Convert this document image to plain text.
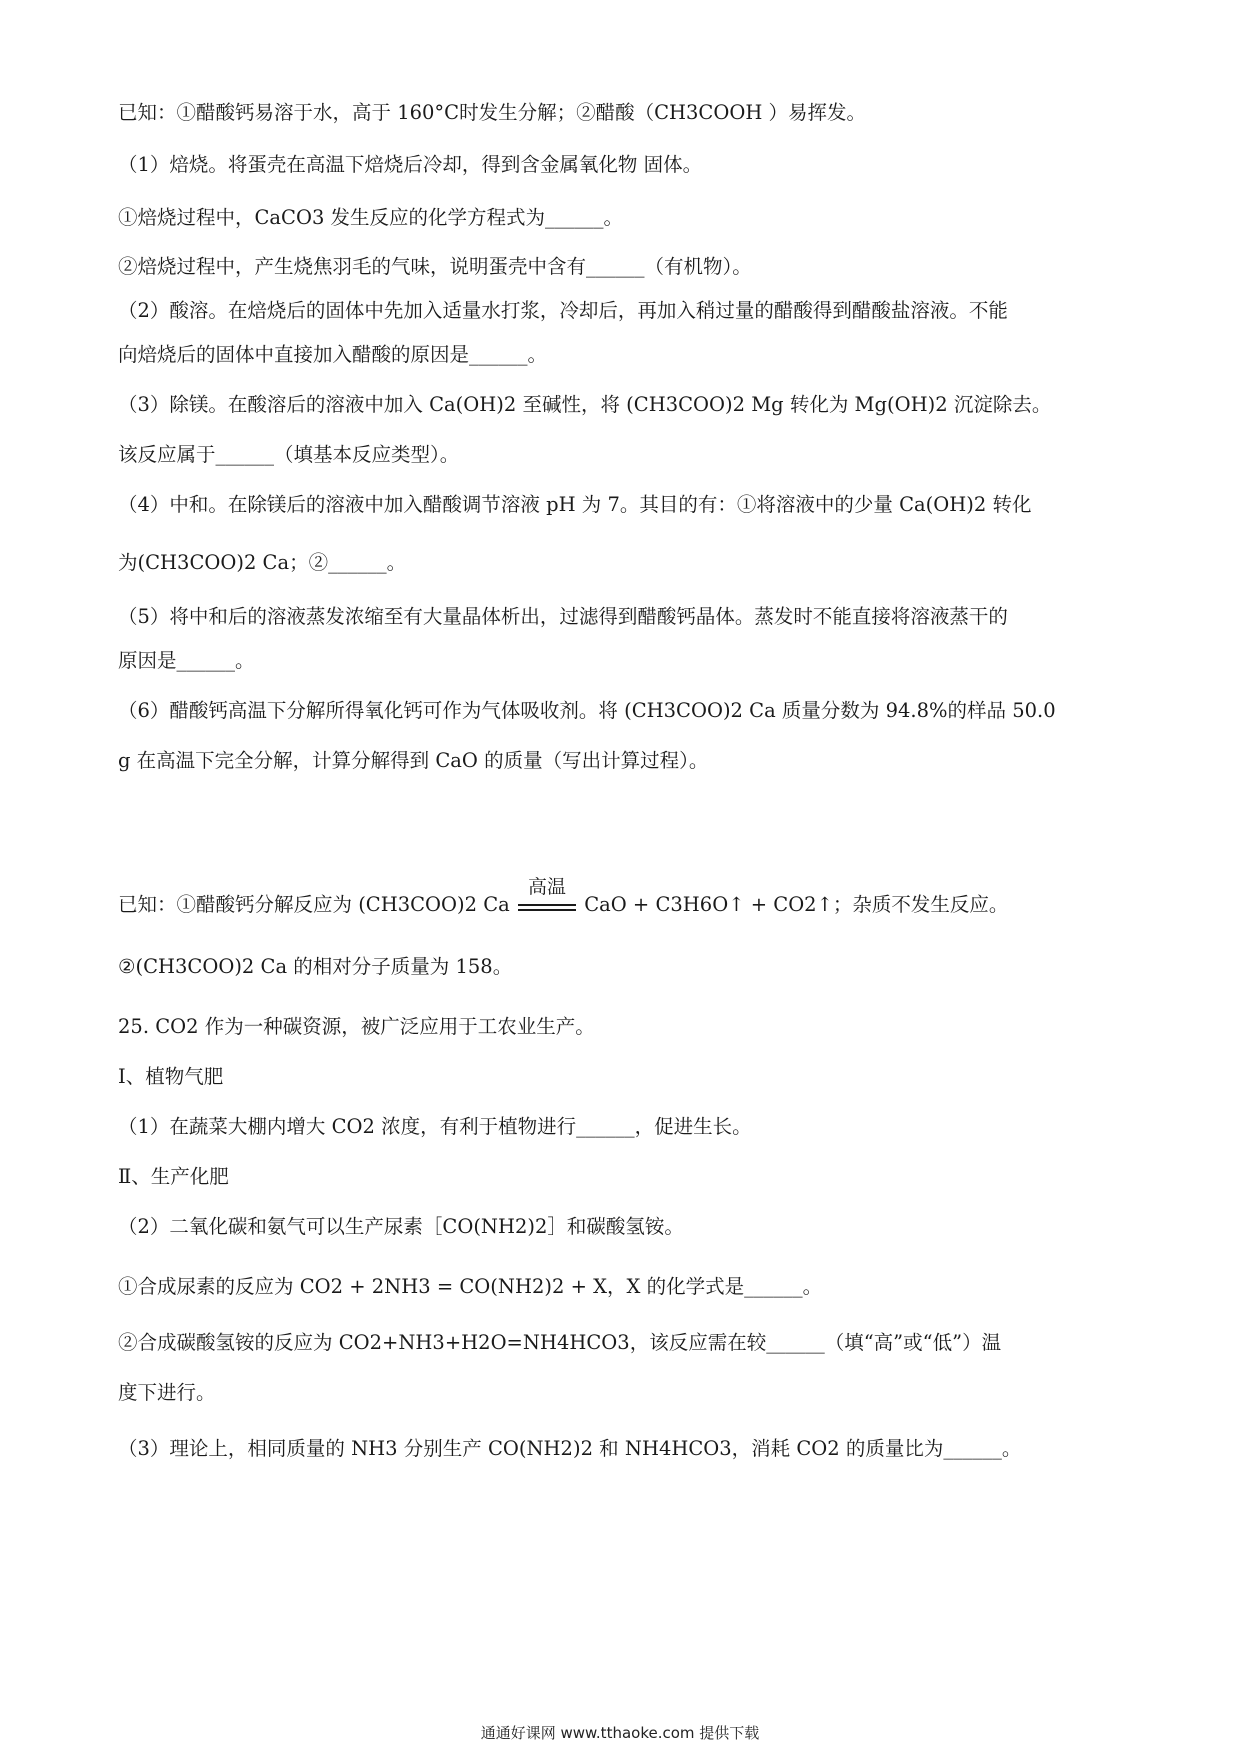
已知：①醋酸钙易溶于水，高于 160°C时发生分解；②醋酸（CH3COOH ）易挥发。
（1）焙烧。将蛋壳在高温下焙烧后冷却，得到含金属氧化物 固体。
①焙烧过程中，CaCO3 发生反应的化学方程式为______。
②焙烧过程中，产生烧焦羽毛的气味，说明蛋壳中含有______（有机物）。
（2）酸溶。在焙烧后的固体中先加入适量水打浆，冷却后，再加入稍过量的醋酸得到醋酸盐溶液。不能
向焙烧后的固体中直接加入醋酸的原因是______。
（3）除镁。在酸溶后的溶液中加入 Ca(OH)2 至碱性，将 (CH3COO)2 Mg 转化为 Mg(OH)2 沉淀除去。
该反应属于______（填基本反应类型）。
（4）中和。在除镁后的溶液中加入醋酸调节溶液 pH 为 7。其目的有：①将溶液中的少量 Ca(OH)2 转化
为(CH3COO)2 Ca；②______。
（5）将中和后的溶液蒸发浓缩至有大量晶体析出，过滤得到醋酸钙晶体。蒸发时不能直接将溶液蒸干的
原因是______。
（6）醋酸钙高温下分解所得氧化钙可作为气体吸收剂。将 (CH3COO)2 Ca 质量分数为 94.8%的样品 50.0
g 在高温下完全分解，计算分解得到 CaO 的质量（写出计算过程）。
已知：①醋酸钙分解反应为 (CH3COO)2 Ca
高温
CaO + C3H6O↑ + CO2↑；杂质不发生反应。
②(CH3COO)2 Ca 的相对分子质量为 158。
25. CO2 作为一种碳资源，被广泛应用于工农业生产。
Ⅰ、植物气肥
（1）在蔬菜大棚内增大 CO2 浓度，有利于植物进行______，促进生长。
Ⅱ、生产化肥
（2）二氧化碳和氨气可以生产尿素［CO(NH2)2］和碳酸氢铵。
①合成尿素的反应为 CO2 + 2NH3 = CO(NH2)2 + X，X 的化学式是______。
②合成碳酸氢铵的反应为 CO2+NH3+H2O=NH4HCO3，该反应需在较______（填“高”或“低”）温
度下进行。
（3）理论上，相同质量的 NH3 分别生产 CO(NH2)2 和 NH4HCO3，消耗 CO2 的质量比为______。
通通好课网 www.tthaoke.com 提供下载
